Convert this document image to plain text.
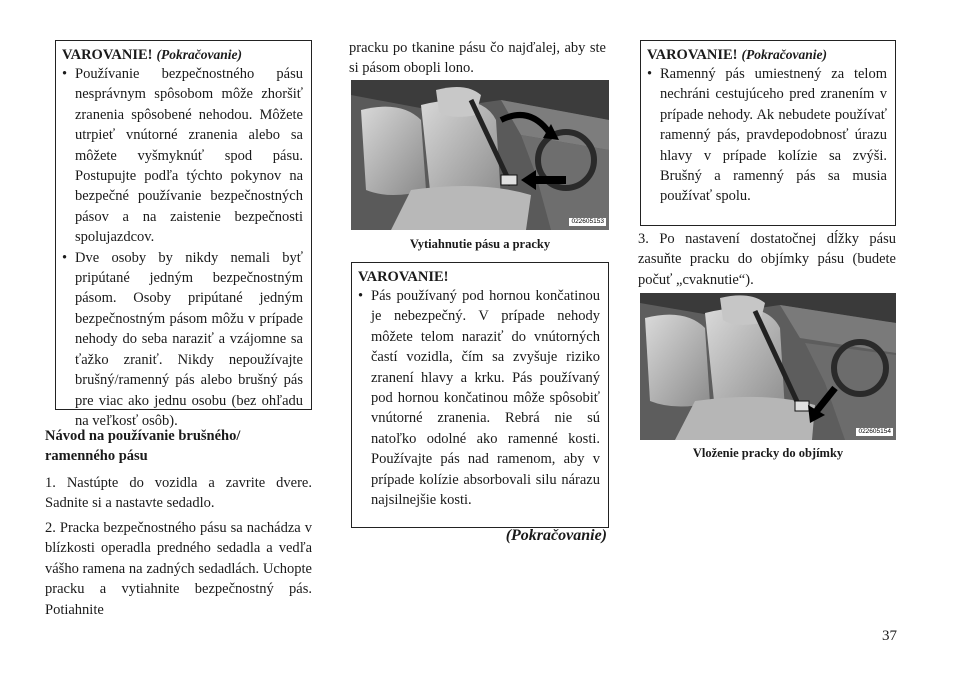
VAROVANIE! (Pokračovanie)
• Používanie bezpečnostného pásu nesprávnym spôsobom môže zhoršiť zranenia spôsobené nehodou. Môžete utrpieť vnútorné zranenia alebo sa môžete vyšmyknúť spod pásu. Postupujte podľa týchto pokynov na bezpečné používanie bezpečnostných pásov a na zaistenie bezpečnosti spolujazdcov.
• Dve osoby by nikdy nemali byť pripútané jedným bezpečnostným pásom. Osoby pripútané jedným bezpečnostným pásom môžu v prípade nehody do seba naraziť a vzájomne sa ťažko zraniť. Nikdy nepoužívajte brušný/ramenný pás alebo brušný pás pre viac ako jednu osobu (bez ohľadu na veľkosť osôb).
Návod na používanie brušného/ ramenného pásu
1. Nastúpte do vozidla a zavrite dvere. Sadnite si a nastavte sedadlo.
2. Pracka bezpečnostného pásu sa nachádza v blízkosti operadla predného sedadla a vedľa vášho ramena na zadných sedadlách. Uchopte pracku a vytiahnite bezpečnostný pás. Potiahnite
pracku po tkanine pásu čo najďalej, aby ste si pásom obopli lono.
022605153
Vytiahnutie pásu a pracky
VAROVANIE!
• Pás používaný pod hornou končatinou je nebezpečný. V prípade nehody môžete telom naraziť do vnútorných častí vozidla, čím sa zvyšuje riziko zranení hlavy a krku. Pás používaný pod hornou končatinou môže spôsobiť vnútorné zranenia. Rebrá nie sú natoľko odolné ako ramenné kosti. Používajte pás nad ramenom, aby v prípade kolízie absorbovali silu nárazu najsilnejšie kosti.
(Pokračovanie)
VAROVANIE! (Pokračovanie)
• Ramenný pás umiestnený za telom nechráni cestujúceho pred zranením v prípade nehody. Ak nebudete používať ramenný pás, pravdepodobnosť úrazu hlavy v prípade kolízie sa zvýši. Brušný a ramenný pás sa musia používať spolu.
3. Po nastavení dostatočnej dĺžky pásu zasuňte pracku do objímky pásu (budete počuť „cvaknutie“).
022605154
Vloženie pracky do objímky
37
